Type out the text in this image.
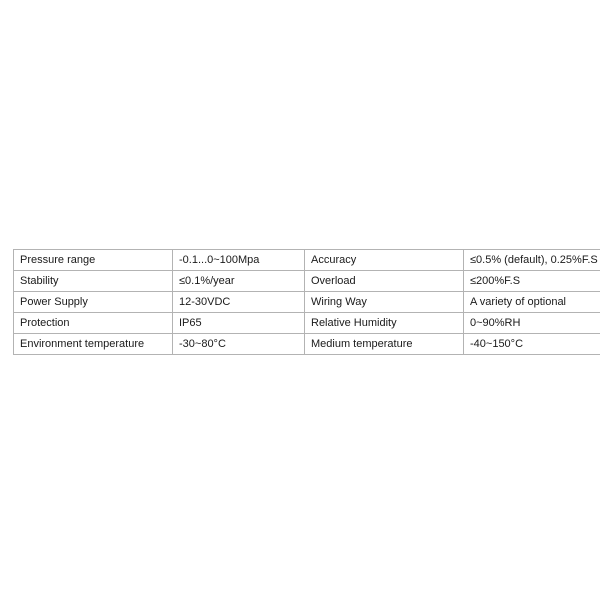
Pressure range	-0.1...0~100Mpa	Accuracy	≤0.5% (default), 0.25%F.S
Stability	≤0.1%/year	Overload	≤200%F.S
Power Supply	12-30VDC	Wiring Way	A variety of optional
Protection	IP65	Relative Humidity	0~90%RH
Environment temperature	-30~80°C	Medium temperature	-40~150°C
